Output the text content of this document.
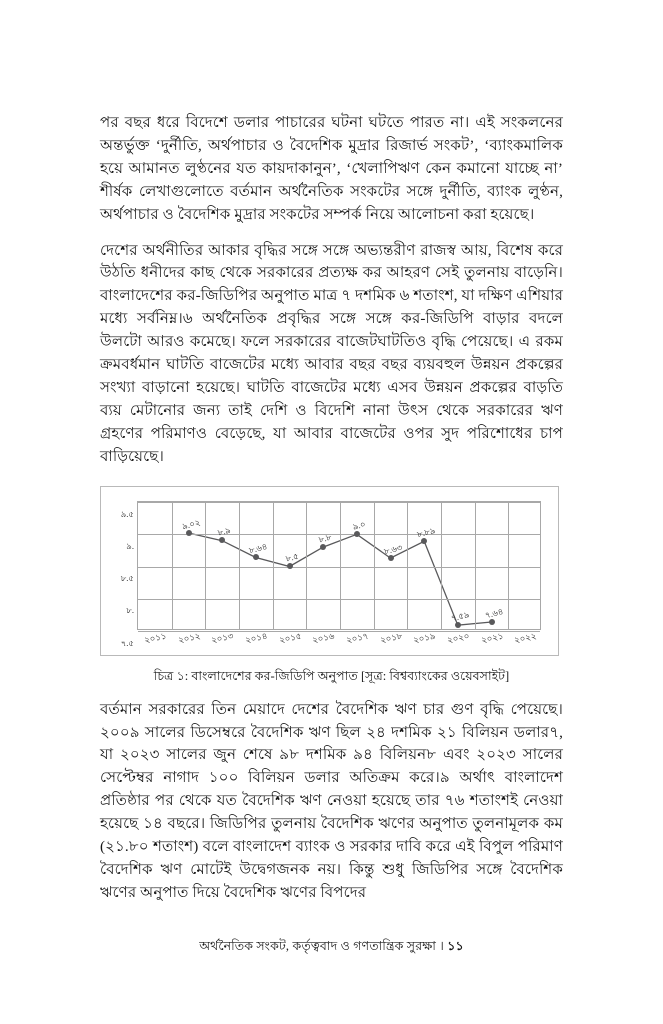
পর বছর ধরে বিদেশে ডলার পাচারের ঘটনা ঘটতে পারত না। এই সংকলনের অন্তর্ভুক্ত ‘দুর্নীতি, অর্থপাচার ও বৈদেশিক মুদ্রার রিজার্ভ সংকট’, ‘ব্যাংকমালিক হয়ে আমানত লুণ্ঠনের যত কায়দাকানুন’, ‘খেলাপিঋণ কেন কমানো যাচ্ছে না’ শীর্ষক লেখাগুলোতে বর্তমান অর্থনৈতিক সংকটের সঙ্গে দুর্নীতি, ব্যাংক লুণ্ঠন, অর্থপাচার ও বৈদেশিক মুদ্রার সংকটের সম্পর্ক নিয়ে আলোচনা করা হয়েছে।

দেশের অর্থনীতির আকার বৃদ্ধির সঙ্গে সঙ্গে অভ্যন্তরীণ রাজস্ব আয়, বিশেষ করে উঠতি ধনীদের কাছ থেকে সরকারের প্রত্যক্ষ কর আহরণ সেই তুলনায় বাড়েনি। বাংলাদেশের কর-জিডিপির অনুপাত মাত্র ৭ দশমিক ৬ শতাংশ, যা দক্ষিণ এশিয়ার মধ্যে সর্বনিম্ন।৬ অর্থনৈতিক প্রবৃদ্ধির সঙ্গে সঙ্গে কর-জিডিপি বাড়ার বদলে উলটো আরও কমেছে। ফলে সরকারের বাজেটঘাটতিও বৃদ্ধি পেয়েছে। এ রকম ক্রমবর্ধমান ঘাটতি বাজেটের মধ্যে আবার বছর বছর ব্যয়বহুল উন্নয়ন প্রকল্পের সংখ্যা বাড়ানো হয়েছে। ঘাটতি বাজেটের মধ্যে এসব উন্নয়ন প্রকল্পের বাড়তি ব্যয় মেটানোর জন্য তাই দেশি ও বিদেশি নানা উৎস থেকে সরকারের ঋণ গ্রহণের পরিমাণও বেড়েছে, যা আবার বাজেটের ওপর সুদ পরিশোধের চাপ বাড়িয়েছে।

৯.৫
৯.
৮.৫
৮.
৭.৫
৯.০২
৮.৯
৮.৬৪
৮.৫
৮.৮
৯.০
৮.৬৩
৮.৮৯
৭.৫৯ ৭.৬৪
২০১১ ২০১২ ২০১৩ ২০১৪ ২০১৫ ২০১৬ ২০১৭ ২০১৮ ২০১৯ ২০২০ ২০২১ ২০২২
চিত্র ১: বাংলাদেশের কর-জিডিপি অনুপাত [সূত্র: বিশ্বব্যাংকের ওয়েবসাইট]

বর্তমান সরকারের তিন মেয়াদে দেশের বৈদেশিক ঋণ চার গুণ বৃদ্ধি পেয়েছে। ২০০৯ সালের ডিসেম্বরে বৈদেশিক ঋণ ছিল ২৪ দশমিক ২১ বিলিয়ন ডলার৭, যা ২০২৩ সালের জুন শেষে ৯৮ দশমিক ৯৪ বিলিয়ন৮ এবং ২০২৩ সালের সেপ্টেম্বর নাগাদ ১০০ বিলিয়ন ডলার অতিক্রম করে।৯ অর্থাৎ বাংলাদেশ প্রতিষ্ঠার পর থেকে যত বৈদেশিক ঋণ নেওয়া হয়েছে তার ৭৬ শতাংশই নেওয়া হয়েছে ১৪ বছরে। জিডিপির তুলনায় বৈদেশিক ঋণের অনুপাত তুলনামূলক কম (২১.৮০ শতাংশ) বলে বাংলাদেশ ব্যাংক ও সরকার দাবি করে এই বিপুল পরিমাণ বৈদেশিক ঋণ মোটেই উদ্বেগজনক নয়। কিন্তু শুধু জিডিপির সঙ্গে বৈদেশিক ঋণের অনুপাত দিয়ে বৈদেশিক ঋণের বিপদের

অর্থনৈতিক সংকট, কর্তৃত্ববাদ ও গণতান্ত্রিক সুরক্ষা । ১১
